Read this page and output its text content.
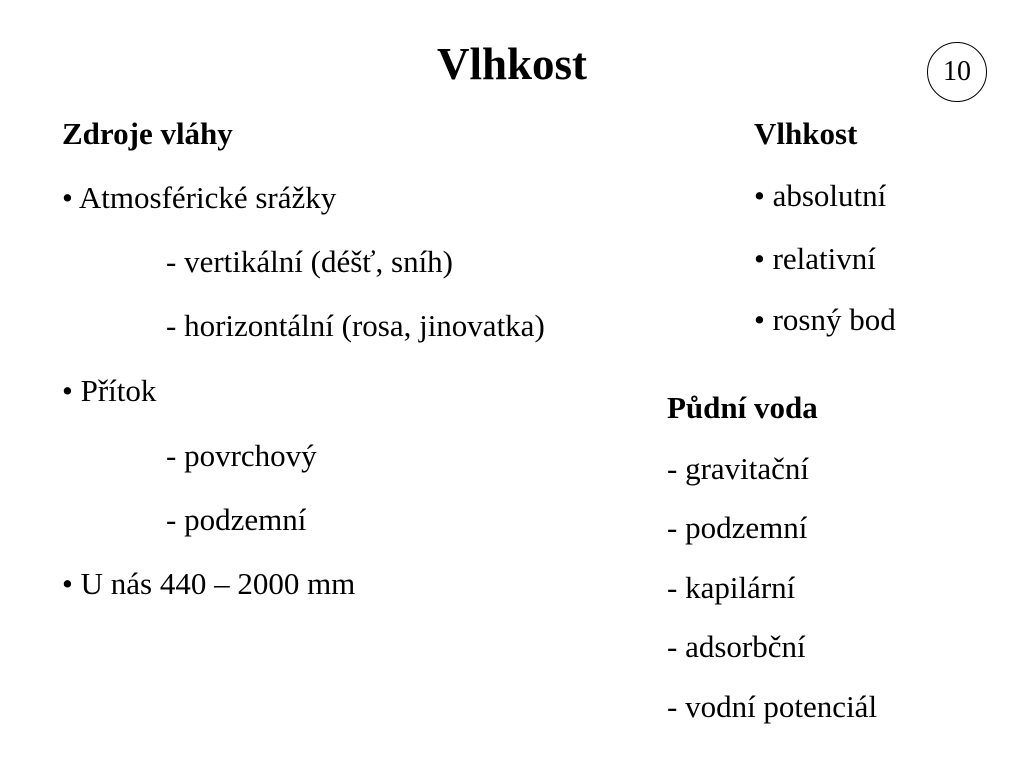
Vlhkost	10
Zdroje vláhy
• Atmosférické srážky
- vertikální (déšť, sníh)
- horizontální (rosa, jinovatka)
• Přítok
- povrchový
- podzemní
• U nás 440 – 2000 mm
Vlhkost
• absolutní
• relativní
• rosný bod
Půdní voda
- gravitační
- podzemní
- kapilární
- adsorbční
- vodní potenciál
